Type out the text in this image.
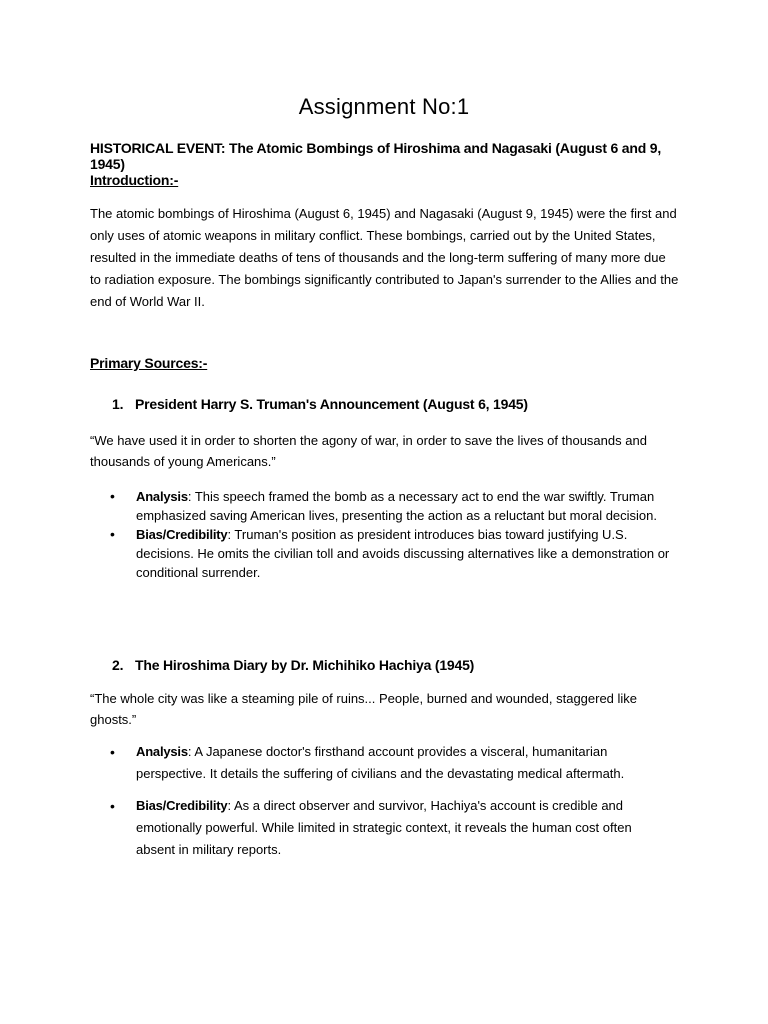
Assignment No:1
HISTORICAL EVENT: The Atomic Bombings of Hiroshima and Nagasaki (August 6 and 9, 1945)
Introduction:-
The atomic bombings of Hiroshima (August 6, 1945) and Nagasaki (August 9, 1945) were the first and only uses of atomic weapons in military conflict. These bombings, carried out by the United States, resulted in the immediate deaths of tens of thousands and the long-term suffering of many more due to radiation exposure. The bombings significantly contributed to Japan's surrender to the Allies and the end of World War II.
Primary Sources:-
1. President Harry S. Truman's Announcement (August 6, 1945)
“We have used it in order to shorten the agony of war, in order to save the lives of thousands and thousands of young Americans.”
• Analysis: This speech framed the bomb as a necessary act to end the war swiftly. Truman emphasized saving American lives, presenting the action as a reluctant but moral decision.
• Bias/Credibility: Truman's position as president introduces bias toward justifying U.S. decisions. He omits the civilian toll and avoids discussing alternatives like a demonstration or conditional surrender.
2. The Hiroshima Diary by Dr. Michihiko Hachiya (1945)
“The whole city was like a steaming pile of ruins... People, burned and wounded, staggered like ghosts.”
• Analysis: A Japanese doctor's firsthand account provides a visceral, humanitarian perspective. It details the suffering of civilians and the devastating medical aftermath.
• Bias/Credibility: As a direct observer and survivor, Hachiya's account is credible and emotionally powerful. While limited in strategic context, it reveals the human cost often absent in military reports.
